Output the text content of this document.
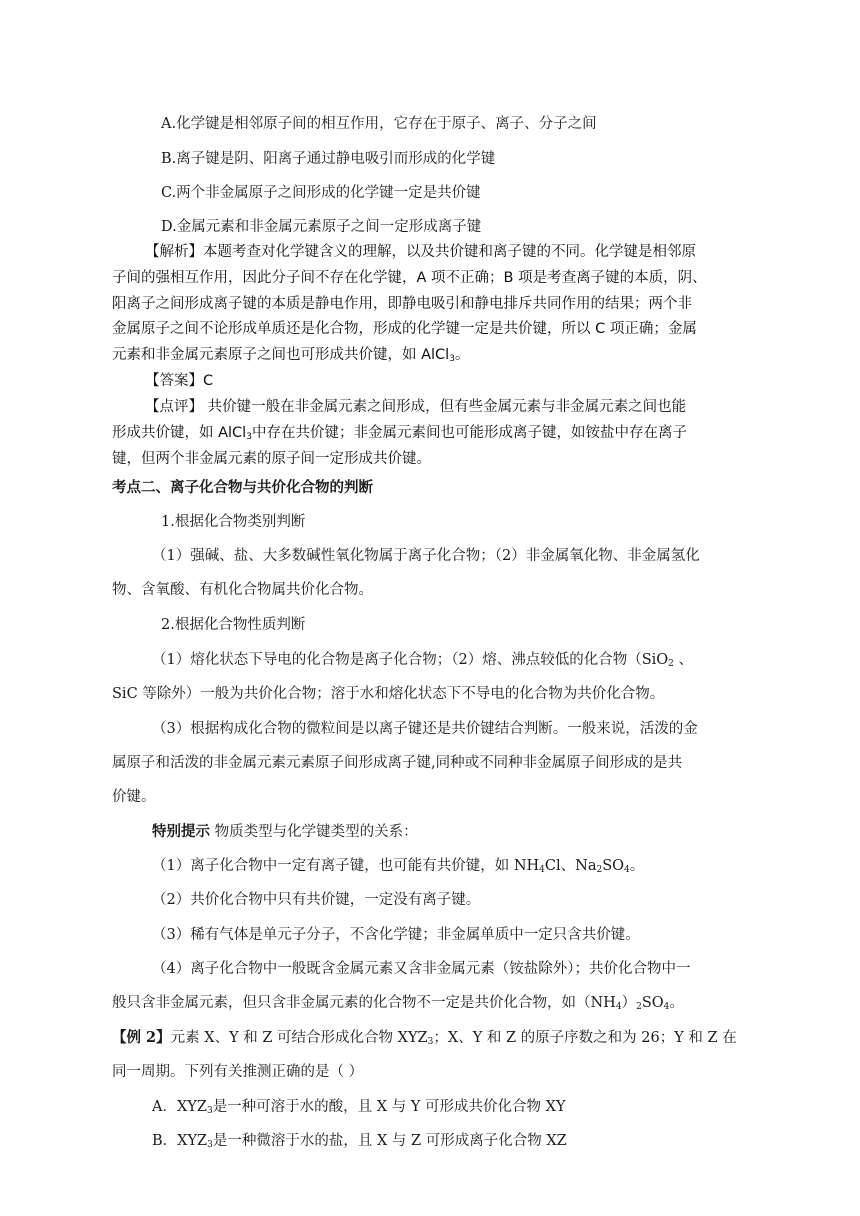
A.化学键是相邻原子间的相互作用，它存在于原子、离子、分子之间
B.离子键是阴、阳离子通过静电吸引而形成的化学键
C.两个非金属原子之间形成的化学键一定是共价键
D.金属元素和非金属元素原子之间一定形成离子键
【解析】本题考查对化学键含义的理解，以及共价键和离子键的不同。化学键是相邻原
子间的强相互作用，因此分子间不存在化学键，A 项不正确；B 项是考查离子键的本质，阴、
阳离子之间形成离子键的本质是静电作用，即静电吸引和静电排斥共同作用的结果；两个非
金属原子之间不论形成单质还是化合物，形成的化学键一定是共价键，所以 C 项正确；金属
元素和非金属元素原子之间也可形成共价键，如 AlCl$_3$。
【答案】C
【点评】 共价键一般在非金属元素之间形成，但有些金属元素与非金属元素之间也能
形成共价键，如 AlCl$_3$中存在共价键；非金属元素间也可能形成离子键，如铵盐中存在离子
键，但两个非金属元素的原子间一定形成共价键。
考点二、离子化合物与共价化合物的判断
1.根据化合物类别判断
（1）强碱、盐、大多数碱性氧化物属于离子化合物；（2）非金属氧化物、非金属氢化
物、含氧酸、有机化合物属共价化合物。
2.根据化合物性质判断
（1）熔化状态下导电的化合物是离子化合物；（2）熔、沸点较低的化合物（SiO$_2$ 、
SiC 等除外）一般为共价化合物；溶于水和熔化状态下不导电的化合物为共价化合物。
（3）根据构成化合物的微粒间是以离子键还是共价键结合判断。一般来说，活泼的金
属原子和活泼的非金属元素元素原子间形成离子键,同种或不同种非金属原子间形成的是共
价键。
特别提示 物质类型与化学键类型的关系：
（1）离子化合物中一定有离子键，也可能有共价键，如 $NH_4Cl$、$Na_2SO_4$。
（2）共价化合物中只有共价键，一定没有离子键。
（3）稀有气体是单元子分子，不含化学键；非金属单质中一定只含共价键。
（4）离子化合物中一般既含金属元素又含非金属元素（铵盐除外）；共价化合物中一
般只含非金属元素，但只含非金属元素的化合物不一定是共价化合物，如$(NH_4)_2SO_4$。
【例 2】元素 X、Y 和 Z 可结合形成化合物 $XYZ_3$；X、Y 和 Z 的原子序数之和为 26；Y 和 Z 在
同一周期。下列有关推测正确的是（ ）
A．$XYZ_3$是一种可溶于水的酸，且 X 与 Y 可形成共价化合物 XY
B．$XYZ_3$是一种微溶于水的盐，且 X 与 Z 可形成离子化合物 XZ
